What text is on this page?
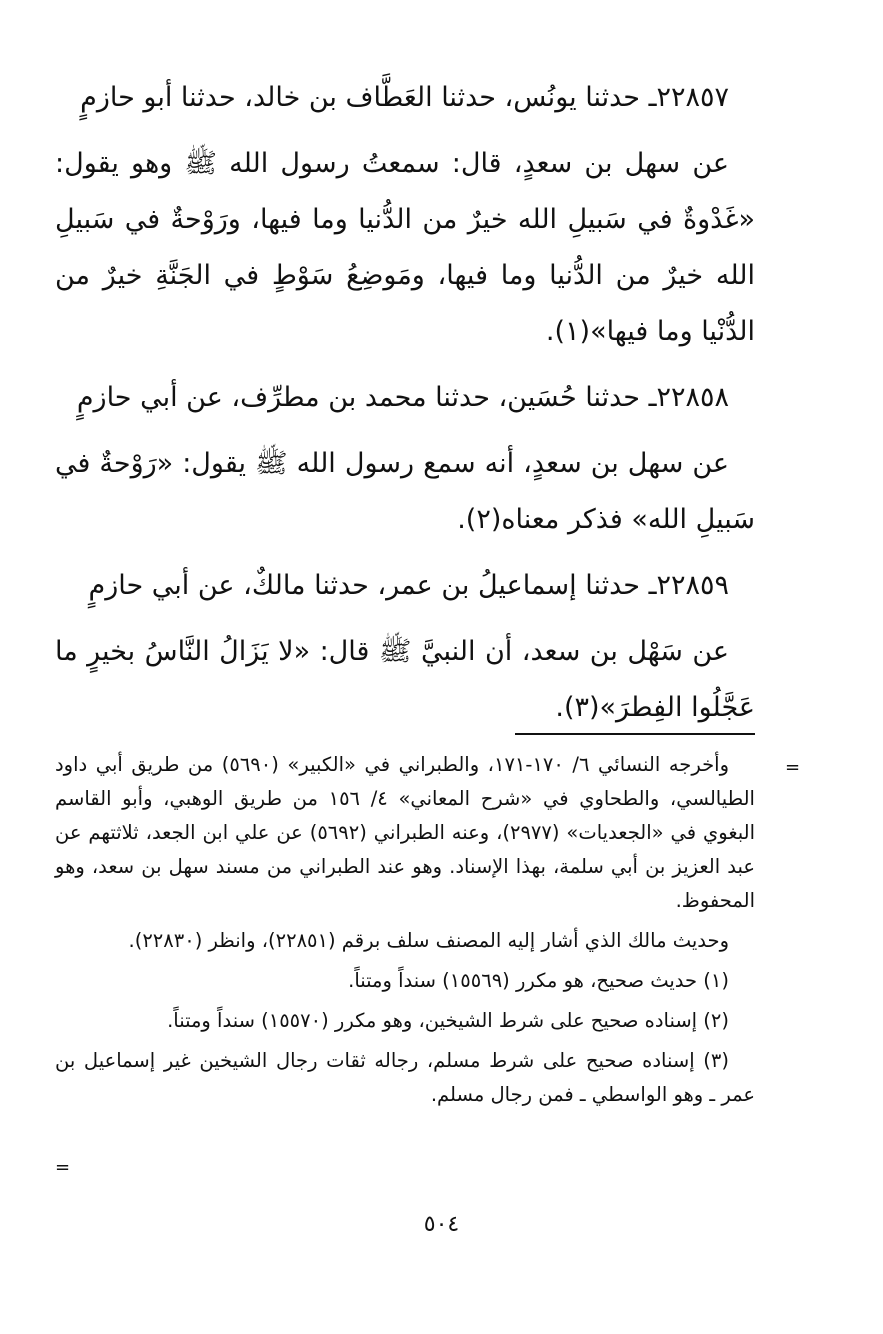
٢٢٨٥٧ـ حدثنا يونُس، حدثنا العَطَّاف بن خالد، حدثنا أبو حازمٍ

عن سهل بن سعدٍ، قال: سمعتُ رسول الله ﷺ وهو يقول: «غَدْوةٌ في سَبيلِ الله خيرٌ من الدُّنيا وما فيها، ورَوْحةٌ في سَبيلِ الله خيرٌ من الدُّنيا وما فيها، ومَوضِعُ سَوْطٍ في الجَنَّةِ خيرٌ من الدُّنْيا وما فيها»(١).

٢٢٨٥٨ـ حدثنا حُسَين، حدثنا محمد بن مطرِّف، عن أبي حازمٍ

عن سهل بن سعدٍ، أنه سمع رسول الله ﷺ يقول: «رَوْحةٌ في سَبيلِ الله» فذكر معناه(٢).

٢٢٨٥٩ـ حدثنا إسماعيلُ بن عمر، حدثنا مالكٌ، عن أبي حازمٍ

عن سَهْل بن سعد، أن النبيَّ ﷺ قال: «لا يَزَالُ النَّاسُ بخيرٍ ما عَجَّلُوا الفِطرَ»(٣).

=

وأخرجه النسائي ٦/ ١٧٠-١٧١، والطبراني في «الكبير» (٥٦٩٠) من طريق أبي داود الطيالسي، والطحاوي في «شرح المعاني» ٤/ ١٥٦ من طريق الوهبي، وأبو القاسم البغوي في «الجعديات» (٢٩٧٧)، وعنه الطبراني (٥٦٩٢) عن علي ابن الجعد، ثلاثتهم عن عبد العزيز بن أبي سلمة، بهذا الإسناد. وهو عند الطبراني من مسند سهل بن سعد، وهو المحفوظ.

وحديث مالك الذي أشار إليه المصنف سلف برقم (٢٢٨٥١)، وانظر (٢٢٨٣٠).

(١) حديث صحيح، هو مكرر (١٥٥٦٩) سنداً ومتناً.

(٢) إسناده صحيح على شرط الشيخين، وهو مكرر (١٥٥٧٠) سنداً ومتناً.

(٣) إسناده صحيح على شرط مسلم، رجاله ثقات رجال الشيخين غير إسماعيل بن عمر ـ وهو الواسطي ـ فمن رجال مسلم.

=
٥٠٤
